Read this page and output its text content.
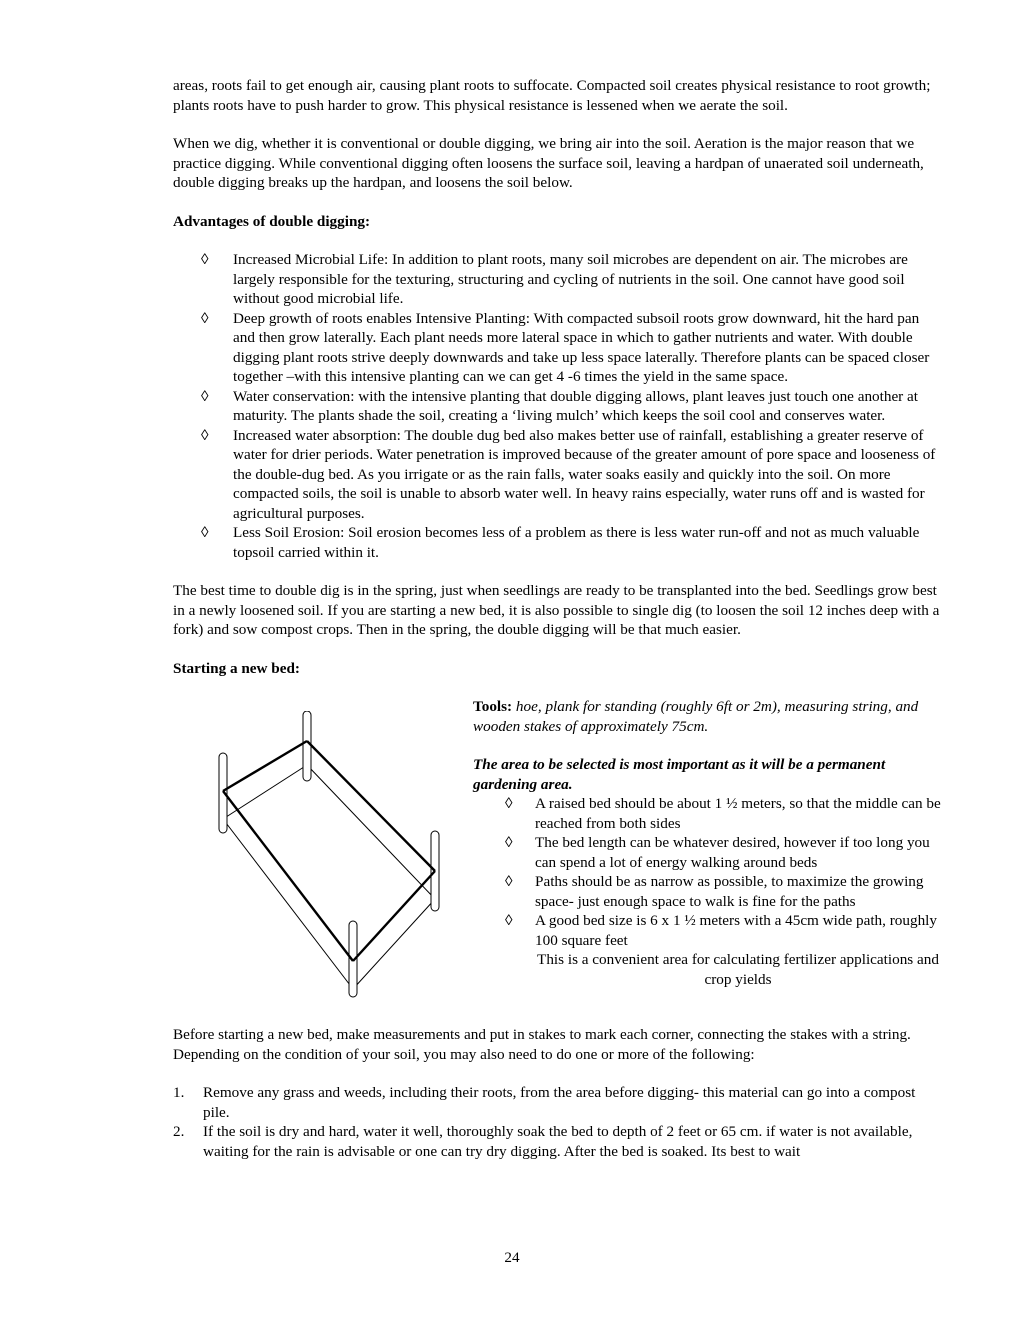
areas, roots fail to get enough air, causing plant roots to suffocate. Compacted soil creates physical resistance to root growth; plants roots have to push harder to grow. This physical resistance is lessened when we aerate the soil.

When we dig, whether it is conventional or double digging, we bring air into the soil. Aeration is the major reason that we practice digging. While conventional digging often loosens the surface soil, leaving a hardpan of unaerated soil underneath, double digging breaks up the hardpan, and loosens the soil below.

Advantages of double digging:

◊ Increased Microbial Life: In addition to plant roots, many soil microbes are dependent on air. The microbes are largely responsible for the texturing, structuring and cycling of nutrients in the soil. One cannot have good soil without good microbial life.
◊ Deep growth of roots enables Intensive Planting: With compacted subsoil roots grow downward, hit the hard pan and then grow laterally. Each plant needs more lateral space in which to gather nutrients and water. With double digging plant roots strive deeply downwards and take up less space laterally. Therefore plants can be spaced closer together –with this intensive planting can we can get 4 -6 times the yield in the same space.
◊ Water conservation: with the intensive planting that double digging allows, plant leaves just touch one another at maturity. The plants shade the soil, creating a ‘living mulch’ which keeps the soil cool and conserves water.
◊ Increased water absorption: The double dug bed also makes better use of rainfall, establishing a greater reserve of water for drier periods. Water penetration is improved because of the greater amount of pore space and looseness of the double-dug bed. As you irrigate or as the rain falls, water soaks easily and quickly into the soil. On more compacted soils, the soil is unable to absorb water well. In heavy rains especially, water runs off and is wasted for agricultural purposes.
◊ Less Soil Erosion: Soil erosion becomes less of a problem as there is less water run-off and not as much valuable topsoil carried within it.

The best time to double dig is in the spring, just when seedlings are ready to be transplanted into the bed. Seedlings grow best in a newly loosened soil. If you are starting a new bed, it is also possible to single dig (to loosen the soil 12 inches deep with a fork) and sow compost crops. Then in the spring, the double digging will be that much easier.

Starting a new bed:

Tools: hoe, plank for standing (roughly 6ft or 2m), measuring string, and wooden stakes of approximately 75cm.

The area to be selected is most important as it will be a permanent gardening area.

◊ A raised bed should be about 1 ½ meters, so that the middle can be reached from both sides
◊ The bed length can be whatever desired, however if too long you can spend a lot of energy walking around beds
◊ Paths should be as narrow as possible, to maximize the growing space- just enough space to walk is fine for the paths
◊ A good bed size is 6 x 1 ½ meters with a 45cm wide path, roughly 100 square feet

This is a convenient area for calculating fertilizer applications and crop yields

Before starting a new bed, make measurements and put in stakes to mark each corner, connecting the stakes with a string. Depending on the condition of your soil, you may also need to do one or more of the following:

1. Remove any grass and weeds, including their roots, from the area before digging- this material can go into a compost pile.
2. If the soil is dry and hard, water it well, thoroughly soak the bed to depth of 2 feet or 65 cm. if water is not available, waiting for the rain is advisable or one can try dry digging. After the bed is soaked. Its best to wait
24
